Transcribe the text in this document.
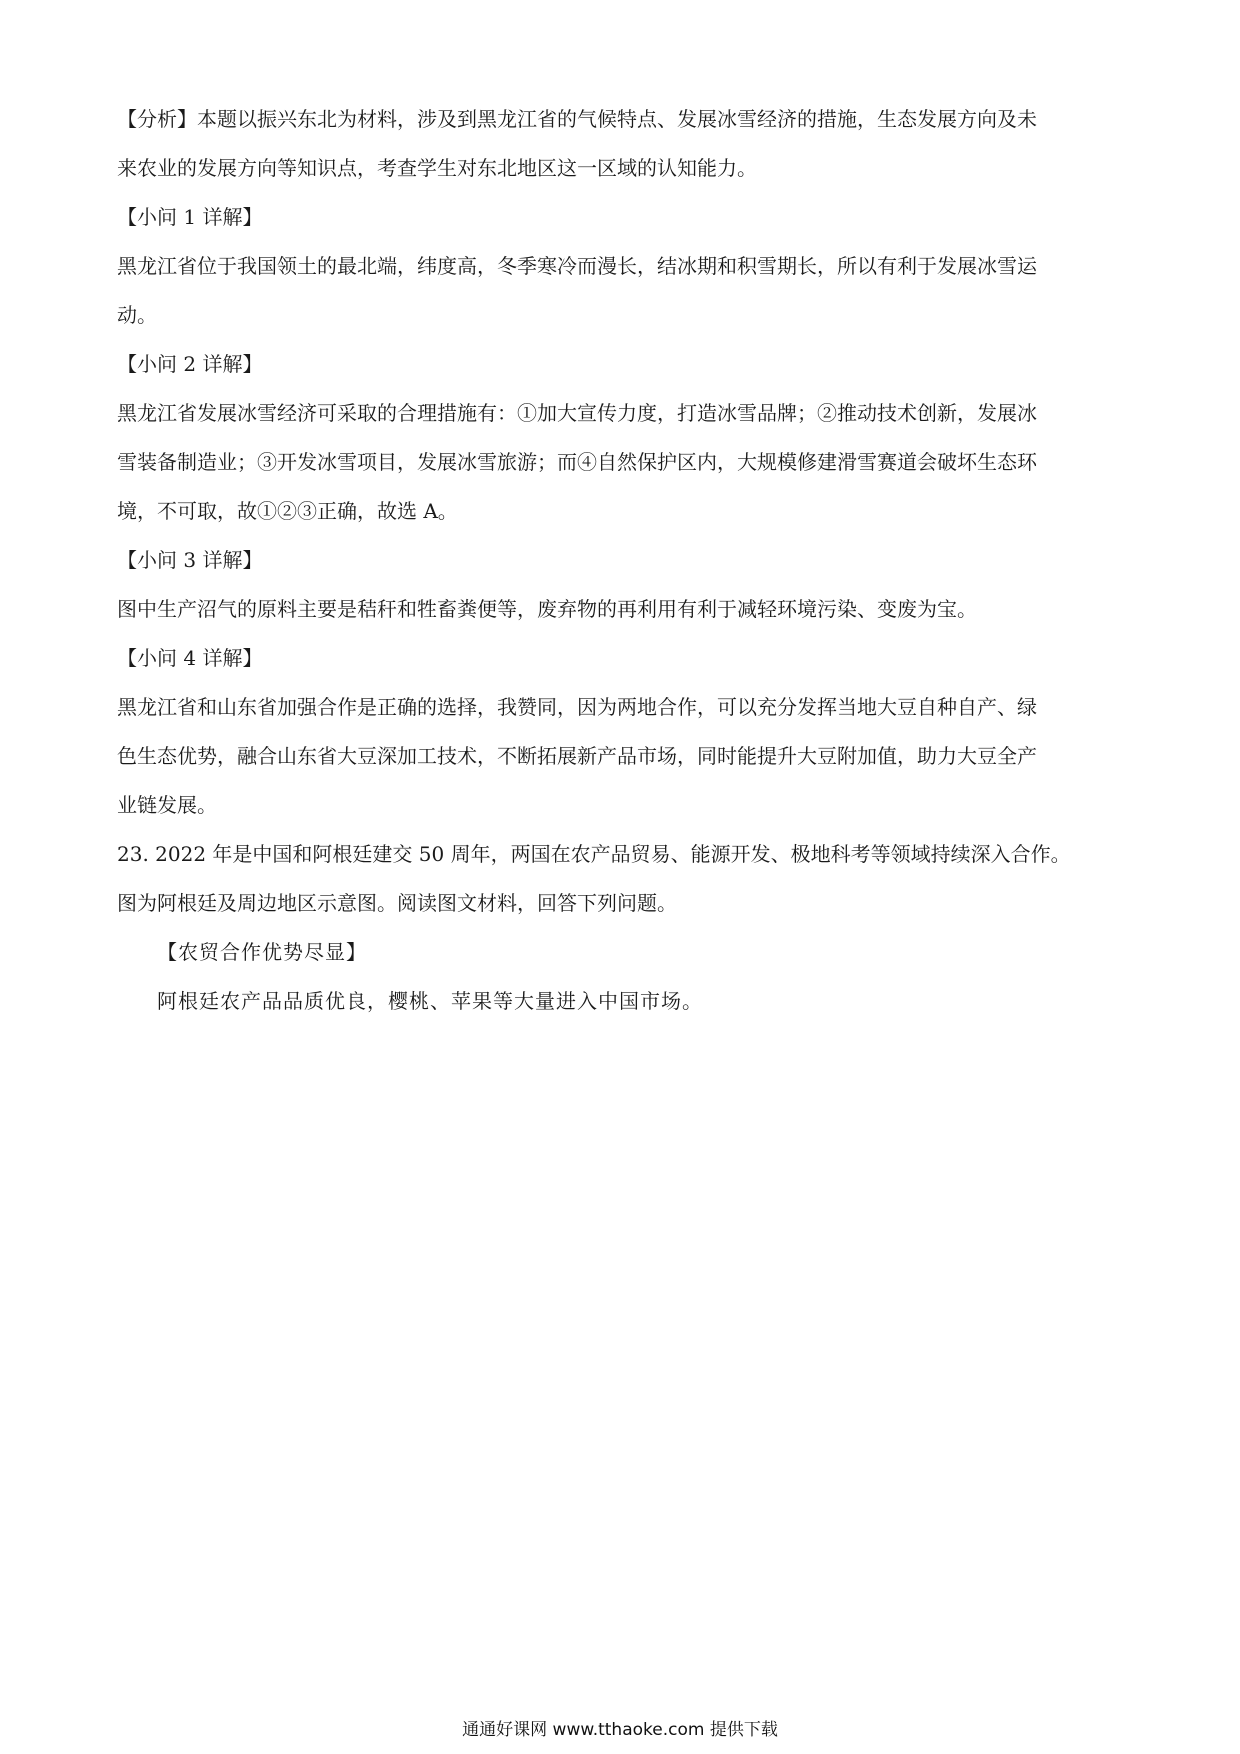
【分析】本题以振兴东北为材料，涉及到黑龙江省的气候特点、发展冰雪经济的措施，生态发展方向及未

来农业的发展方向等知识点，考查学生对东北地区这一区域的认知能力。

【小问 1 详解】

黑龙江省位于我国领土的最北端，纬度高，冬季寒冷而漫长，结冰期和积雪期长，所以有利于发展冰雪运

动。

【小问 2 详解】

黑龙江省发展冰雪经济可采取的合理措施有：①加大宣传力度，打造冰雪品牌；②推动技术创新，发展冰

雪装备制造业；③开发冰雪项目，发展冰雪旅游；而④自然保护区内，大规模修建滑雪赛道会破坏生态环

境，不可取，故①②③正确，故选 A。

【小问 3 详解】

图中生产沼气的原料主要是秸秆和牲畜粪便等，废弃物的再利用有利于减轻环境污染、变废为宝。

【小问 4 详解】

黑龙江省和山东省加强合作是正确的选择，我赞同，因为两地合作，可以充分发挥当地大豆自种自产、绿

色生态优势，融合山东省大豆深加工技术，不断拓展新产品市场，同时能提升大豆附加值，助力大豆全产

业链发展。

23. 2022 年是中国和阿根廷建交 50 周年，两国在农产品贸易、能源开发、极地科考等领域持续深入合作。

图为阿根廷及周边地区示意图。阅读图文材料，回答下列问题。

【农贸合作优势尽显】

阿根廷农产品品质优良，樱桃、苹果等大量进入中国市场。

通通好课网 www.tthaoke.com 提供下载
